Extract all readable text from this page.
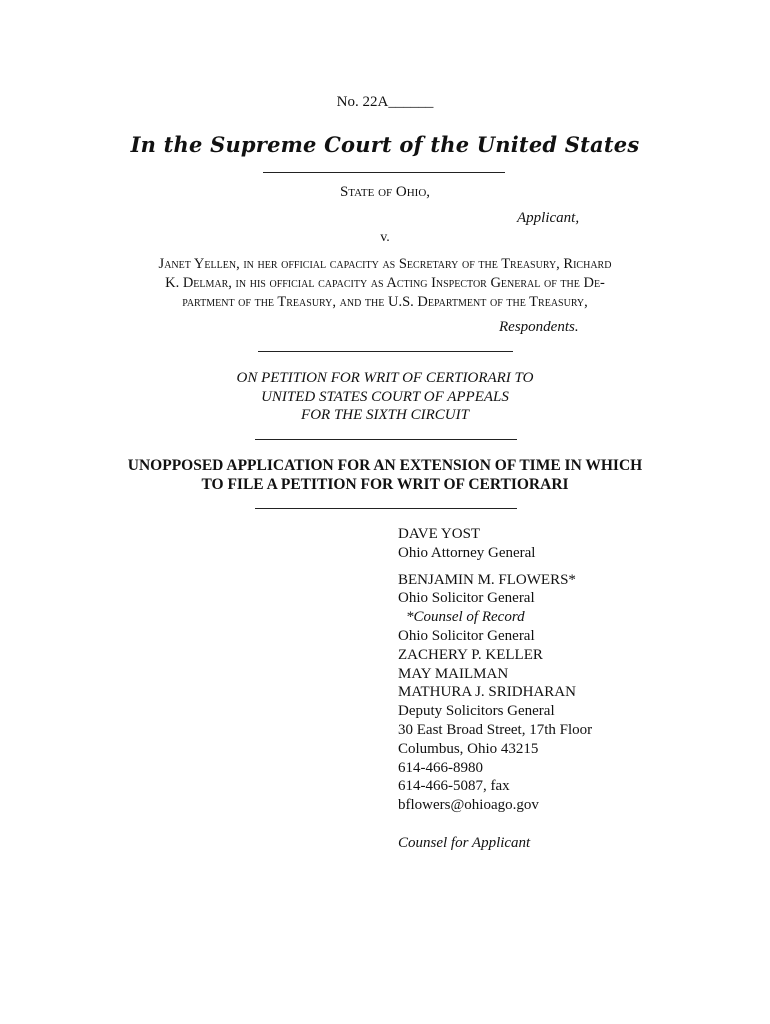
No. 22A______
In the Supreme Court of the United States
State of Ohio,
Applicant,
v.
Janet Yellen, in her official capacity as Secretary of the Treasury, Richard
K. Delmar, in his official capacity as Acting Inspector General of the De-
partment of the Treasury, and the U.S. Department of the Treasury,
Respondents.
ON PETITION FOR WRIT OF CERTIORARI TO
UNITED STATES COURT OF APPEALS
FOR THE SIXTH CIRCUIT
UNOPPOSED APPLICATION FOR AN EXTENSION OF TIME IN WHICH
TO FILE A PETITION FOR WRIT OF CERTIORARI
DAVE YOST
Ohio Attorney General
BENJAMIN M. FLOWERS*
Ohio Solicitor General
*Counsel of Record
Ohio Solicitor General
ZACHERY P. KELLER
MAY MAILMAN
MATHURA J. SRIDHARAN
Deputy Solicitors General
30 East Broad Street, 17th Floor
Columbus, Ohio 43215
614-466-8980
614-466-5087, fax
bflowers@ohioago.gov
Counsel for Applicant
